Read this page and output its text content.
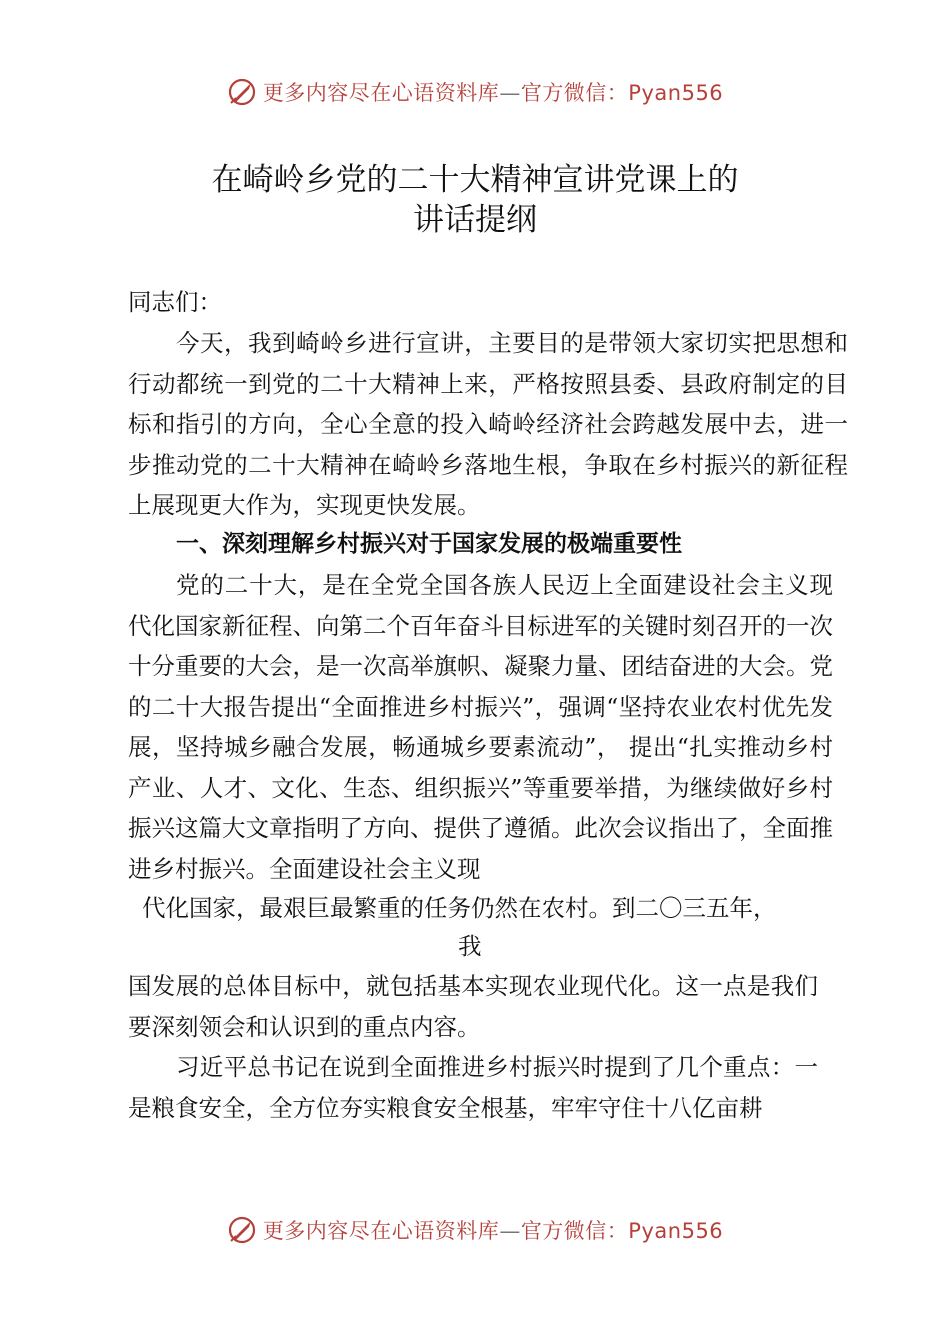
更多内容尽在心语资料库—官方微信：Pyan556
在崎岭乡党的二十大精神宣讲党课上的
讲话提纲
同志们：
今天，我到崎岭乡进行宣讲，主要目的是带领大家切实把思想和行动都统一到党的二十大精神上来，严格按照县委、县政府制定的目标和指引的方向，全心全意的投入崎岭经济社会跨越发展中去，进一步推动党的二十大精神在崎岭乡落地生根，争取在乡村振兴的新征程上展现更大作为，实现更快发展。
一、深刻理解乡村振兴对于国家发展的极端重要性
党的二十大，是在全党全国各族人民迈上全面建设社会主义现代化国家新征程、向第二个百年奋斗目标进军的关键时刻召开的一次十分重要的大会，是一次高举旗帜、凝聚力量、团结奋进的大会。党的二十大报告提出“全面推进乡村振兴”，强调“坚持农业农村优先发展，坚持城乡融合发展，畅通城乡要素流动”， 提出“扎实推动乡村产业、人才、文化、生态、组织振兴”等重要举措，为继续做好乡村振兴这篇大文章指明了方向、提供了遵循。此次会议指出了，全面推进乡村振兴。全面建设社会主义现
代化国家，最艰巨最繁重的任务仍然在农村。到二〇三五年，
我
国发展的总体目标中，就包括基本实现农业现代化。这一点是我们要深刻领会和认识到的重点内容。
习近平总书记在说到全面推进乡村振兴时提到了几个重点：一是粮食安全，全方位夯实粮食安全根基，牢牢守住十八亿亩耕
更多内容尽在心语资料库—官方微信：Pyan556
